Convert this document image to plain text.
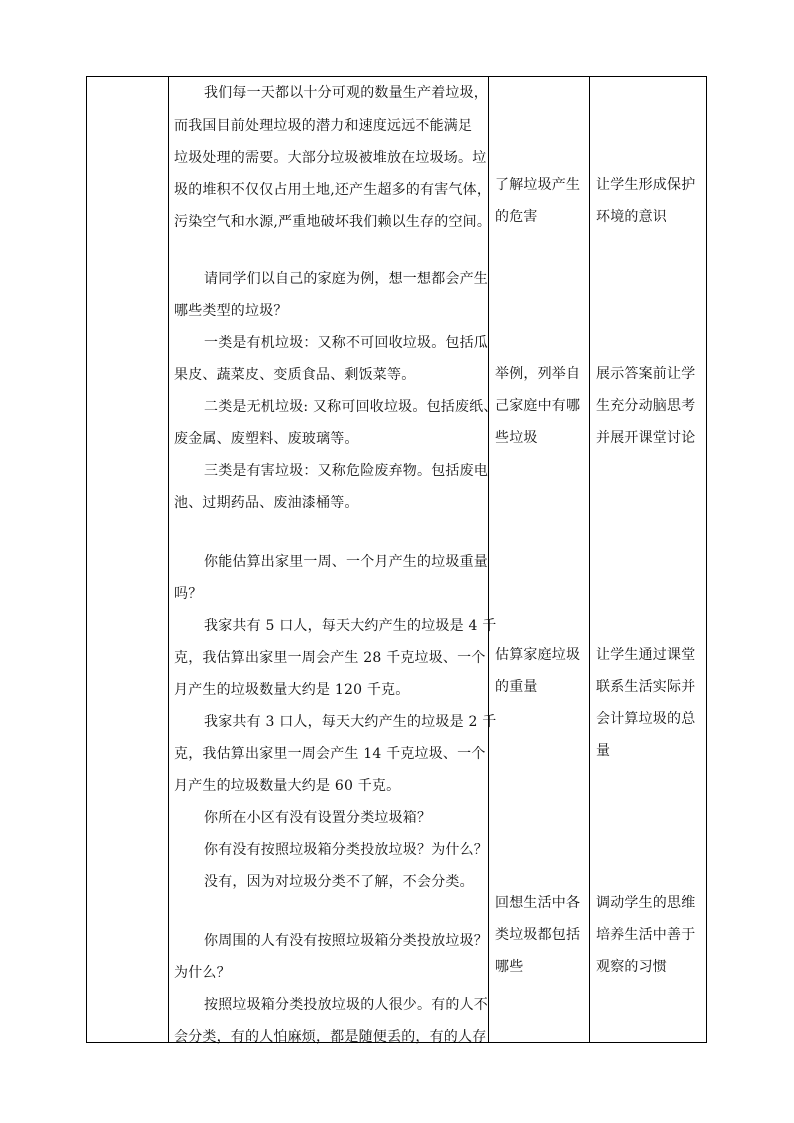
我们每一天都以十分可观的数量生产着垃圾，
而我国目前处理垃圾的潜力和速度远远不能满足
垃圾处理的需要。大部分垃圾被堆放在垃圾场。垃
圾的堆积不仅仅占用土地,还产生超多的有害气体，
污染空气和水源,严重地破坏我们赖以生存的空间。
请同学们以自己的家庭为例，想一想都会产生
哪些类型的垃圾？
一类是有机垃圾：又称不可回收垃圾。包括瓜
果皮、蔬菜皮、变质食品、剩饭菜等。
二类是无机垃圾: 又称可回收垃圾。包括废纸、
废金属、废塑料、废玻璃等。
三类是有害垃圾：又称危险废弃物。包括废电
池、过期药品、废油漆桶等。
你能估算出家里一周、一个月产生的垃圾重量
吗？
我家共有 5 口人，每天大约产生的垃圾是 4 千
克，我估算出家里一周会产生 28 千克垃圾、一个
月产生的垃圾数量大约是 120 千克。
我家共有 3 口人，每天大约产生的垃圾是 2 千
克，我估算出家里一周会产生 14 千克垃圾、一个
月产生的垃圾数量大约是 60 千克。
你所在小区有没有设置分类垃圾箱？
你有没有按照垃圾箱分类投放垃圾？为什么？
没有，因为对垃圾分类不了解，不会分类。
你周围的人有没有按照垃圾箱分类投放垃圾？
为什么？
按照垃圾箱分类投放垃圾的人很少。有的人不
会分类，有的人怕麻烦，都是随便丢的，有的人存
了解垃圾产生
的危害
举例，列举自
己家庭中有哪
些垃圾
估算家庭垃圾
的重量
回想生活中各
类垃圾都包括
哪些
让学生形成保护
环境的意识
展示答案前让学
生充分动脑思考
并展开课堂讨论
让学生通过课堂
联系生活实际并
会计算垃圾的总
量
调动学生的思维
培养生活中善于
观察的习惯
